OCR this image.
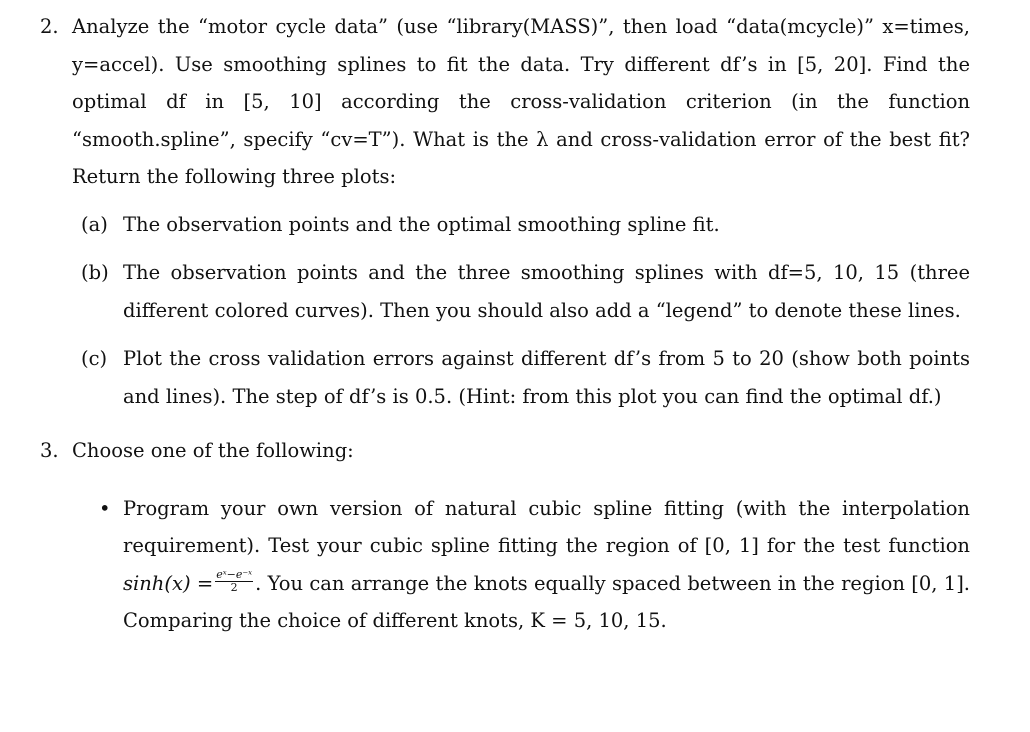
2. Analyze the “motor cycle data” (use “library(MASS)”, then load “data(mcycle)” x=times, y=accel). Use smoothing splines to fit the data. Try different df’s in [5, 20]. Find the optimal df in [5, 10] according the cross-validation criterion (in the function “smooth.spline”, specify “cv=T”). What is the λ and cross-validation error of the best fit? Return the following three plots:
(a) The observation points and the optimal smoothing spline fit.
(b) The observation points and the three smoothing splines with df=5, 10, 15 (three different colored curves). Then you should also add a “legend” to denote these lines.
(c) Plot the cross validation errors against different df’s from 5 to 20 (show both points and lines). The step of df’s is 0.5. (Hint: from this plot you can find the optimal df.)
3. Choose one of the following:
• Program your own version of natural cubic spline fitting (with the interpolation requirement). Test your cubic spline fitting the region of [0, 1] for the test function $\sinh(x) = \frac{\text{eˣ−e⁻ˣ}}{2}$ . You can arrange the knots equally spaced between in the region [0, 1]. Comparing the choice of different knots, K = 5, 10, 15.
